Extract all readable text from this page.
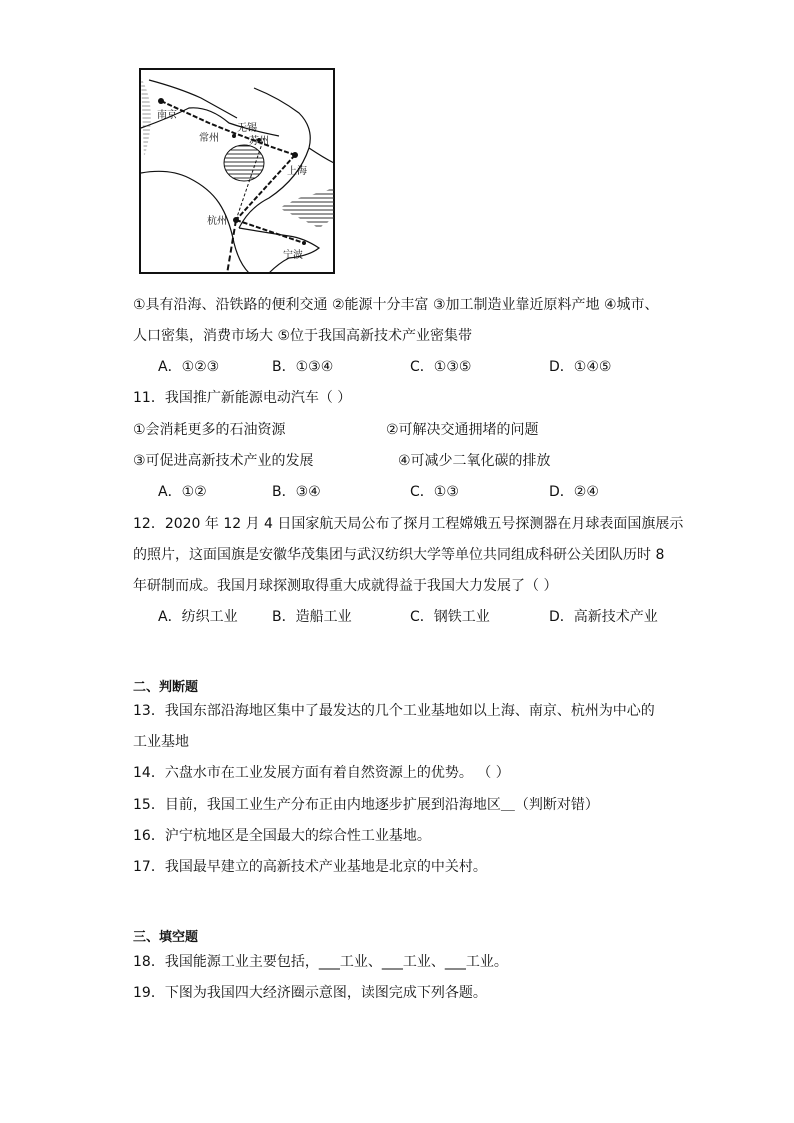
南京
无锡
常州	苏州
上海
杭州
宁波
①具有沿海、沿铁路的便利交通 ②能源十分丰富 ③加工制造业靠近原料产地 ④城市、
人口密集，消费市场大 ⑤位于我国高新技术产业密集带
A．①②③	B．①③④	C．①③⑤	D．①④⑤
11．我国推广新能源电动汽车（ ）
①会消耗更多的石油资源	②可解决交通拥堵的问题
③可促进高新技术产业的发展	④可减少二氧化碳的排放
A．①②	B．③④	C．①③	D．②④
12．2020 年 12 月 4 日国家航天局公布了探月工程嫦娥五号探测器在月球表面国旗展示
的照片，这面国旗是安徽华茂集团与武汉纺织大学等单位共同组成科研公关团队历时 8
年研制而成。我国月球探测取得重大成就得益于我国大力发展了（ ）
A．纺织工业 B．造船工业	C．钢铁工业	D．高新技术产业
二、判断题
13．我国东部沿海地区集中了最发达的几个工业基地如以上海、南京、杭州为中心的
工业基地
14．六盘水市在工业发展方面有着自然资源上的优势。 （ ）
15．目前，我国工业生产分布正由内地逐步扩展到沿海地区＿（判断对错）
16．沪宁杭地区是全国最大的综合性工业基地。
17．我国最早建立的高新技术产业基地是北京的中关村。
三、填空题
18．我国能源工业主要包括，___工业、___工业、___工业。
19．下图为我国四大经济圈示意图，读图完成下列各题。
